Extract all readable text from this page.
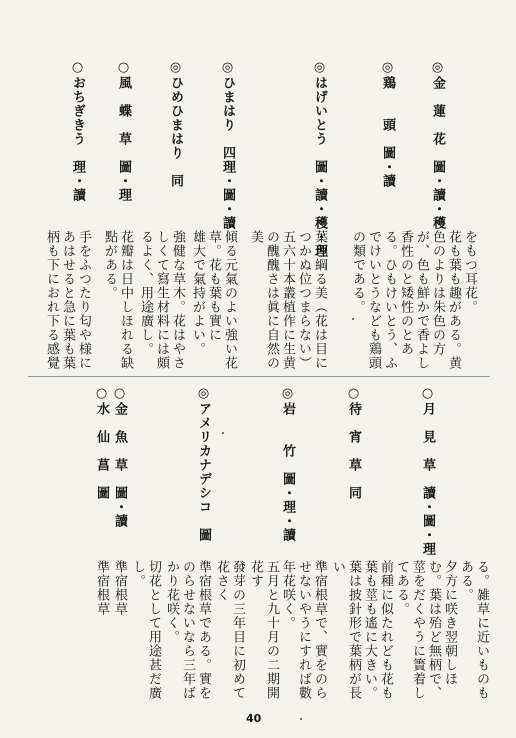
◎金　蓮　花　圖・讀・穫
◎鶏　　頭　圖・讀
◎はげいとう　圖・讀・穫・理
◎ひまはり　四理・圖・讀
◎ひめひまはり　同
○風　蝶　草　圖・理
○おちぎきう　理・讀
をもつ耳花。
花も葉も趣がある。黄
色のよりは朱色の方
が、色も鮮かで香よし
香性のと矮性のとあ
る。ひもけいとう、ふ
でけいとうなども鶏頭
の類である。
葉色綱る美（花は目に
つかぬ位つまらない）
五六十本叢植作に生黄
の醜醜さは眞に自然の
美
傾る元氣のよい強い花
草。花も葉も實に
雄大で氣持がよい。
強健な草木。花はやさ
しくて寫生材料には頗
るよく、用途廣し。
花瓣は日中しほれる缺
點がある。
手をふつたり匂や様に
あはせると急に葉も葉
柄も下におれ下る感覺
○月　見　草　讀・圖・理
○待　宵　草　同
◎岩　　竹　圖・理・讀
◎アメリカナデシコ　圖
○金　魚　草　圖・讀
○水　仙　菖　圖
る。雑草に近いものも
ある。
夕方に咲き翌朝しほ
む。葉は殆ど無柄で、
莖をだくやうに簀着し
てある。
前種に似たれども花も
葉も莖も遙に大きい。
葉は披針形で葉柄が長
い
準宿根草で、實をのら
せないやうにすれば數
年花咲く。
五月と九十月の二期開
花す
發芽の三年目に初めて
花さく
準宿根草である。實を
のらせないなら三年ば
かり花咲く。
切花として用途甚だ廣
し。
準宿根草
準宿根草
40
